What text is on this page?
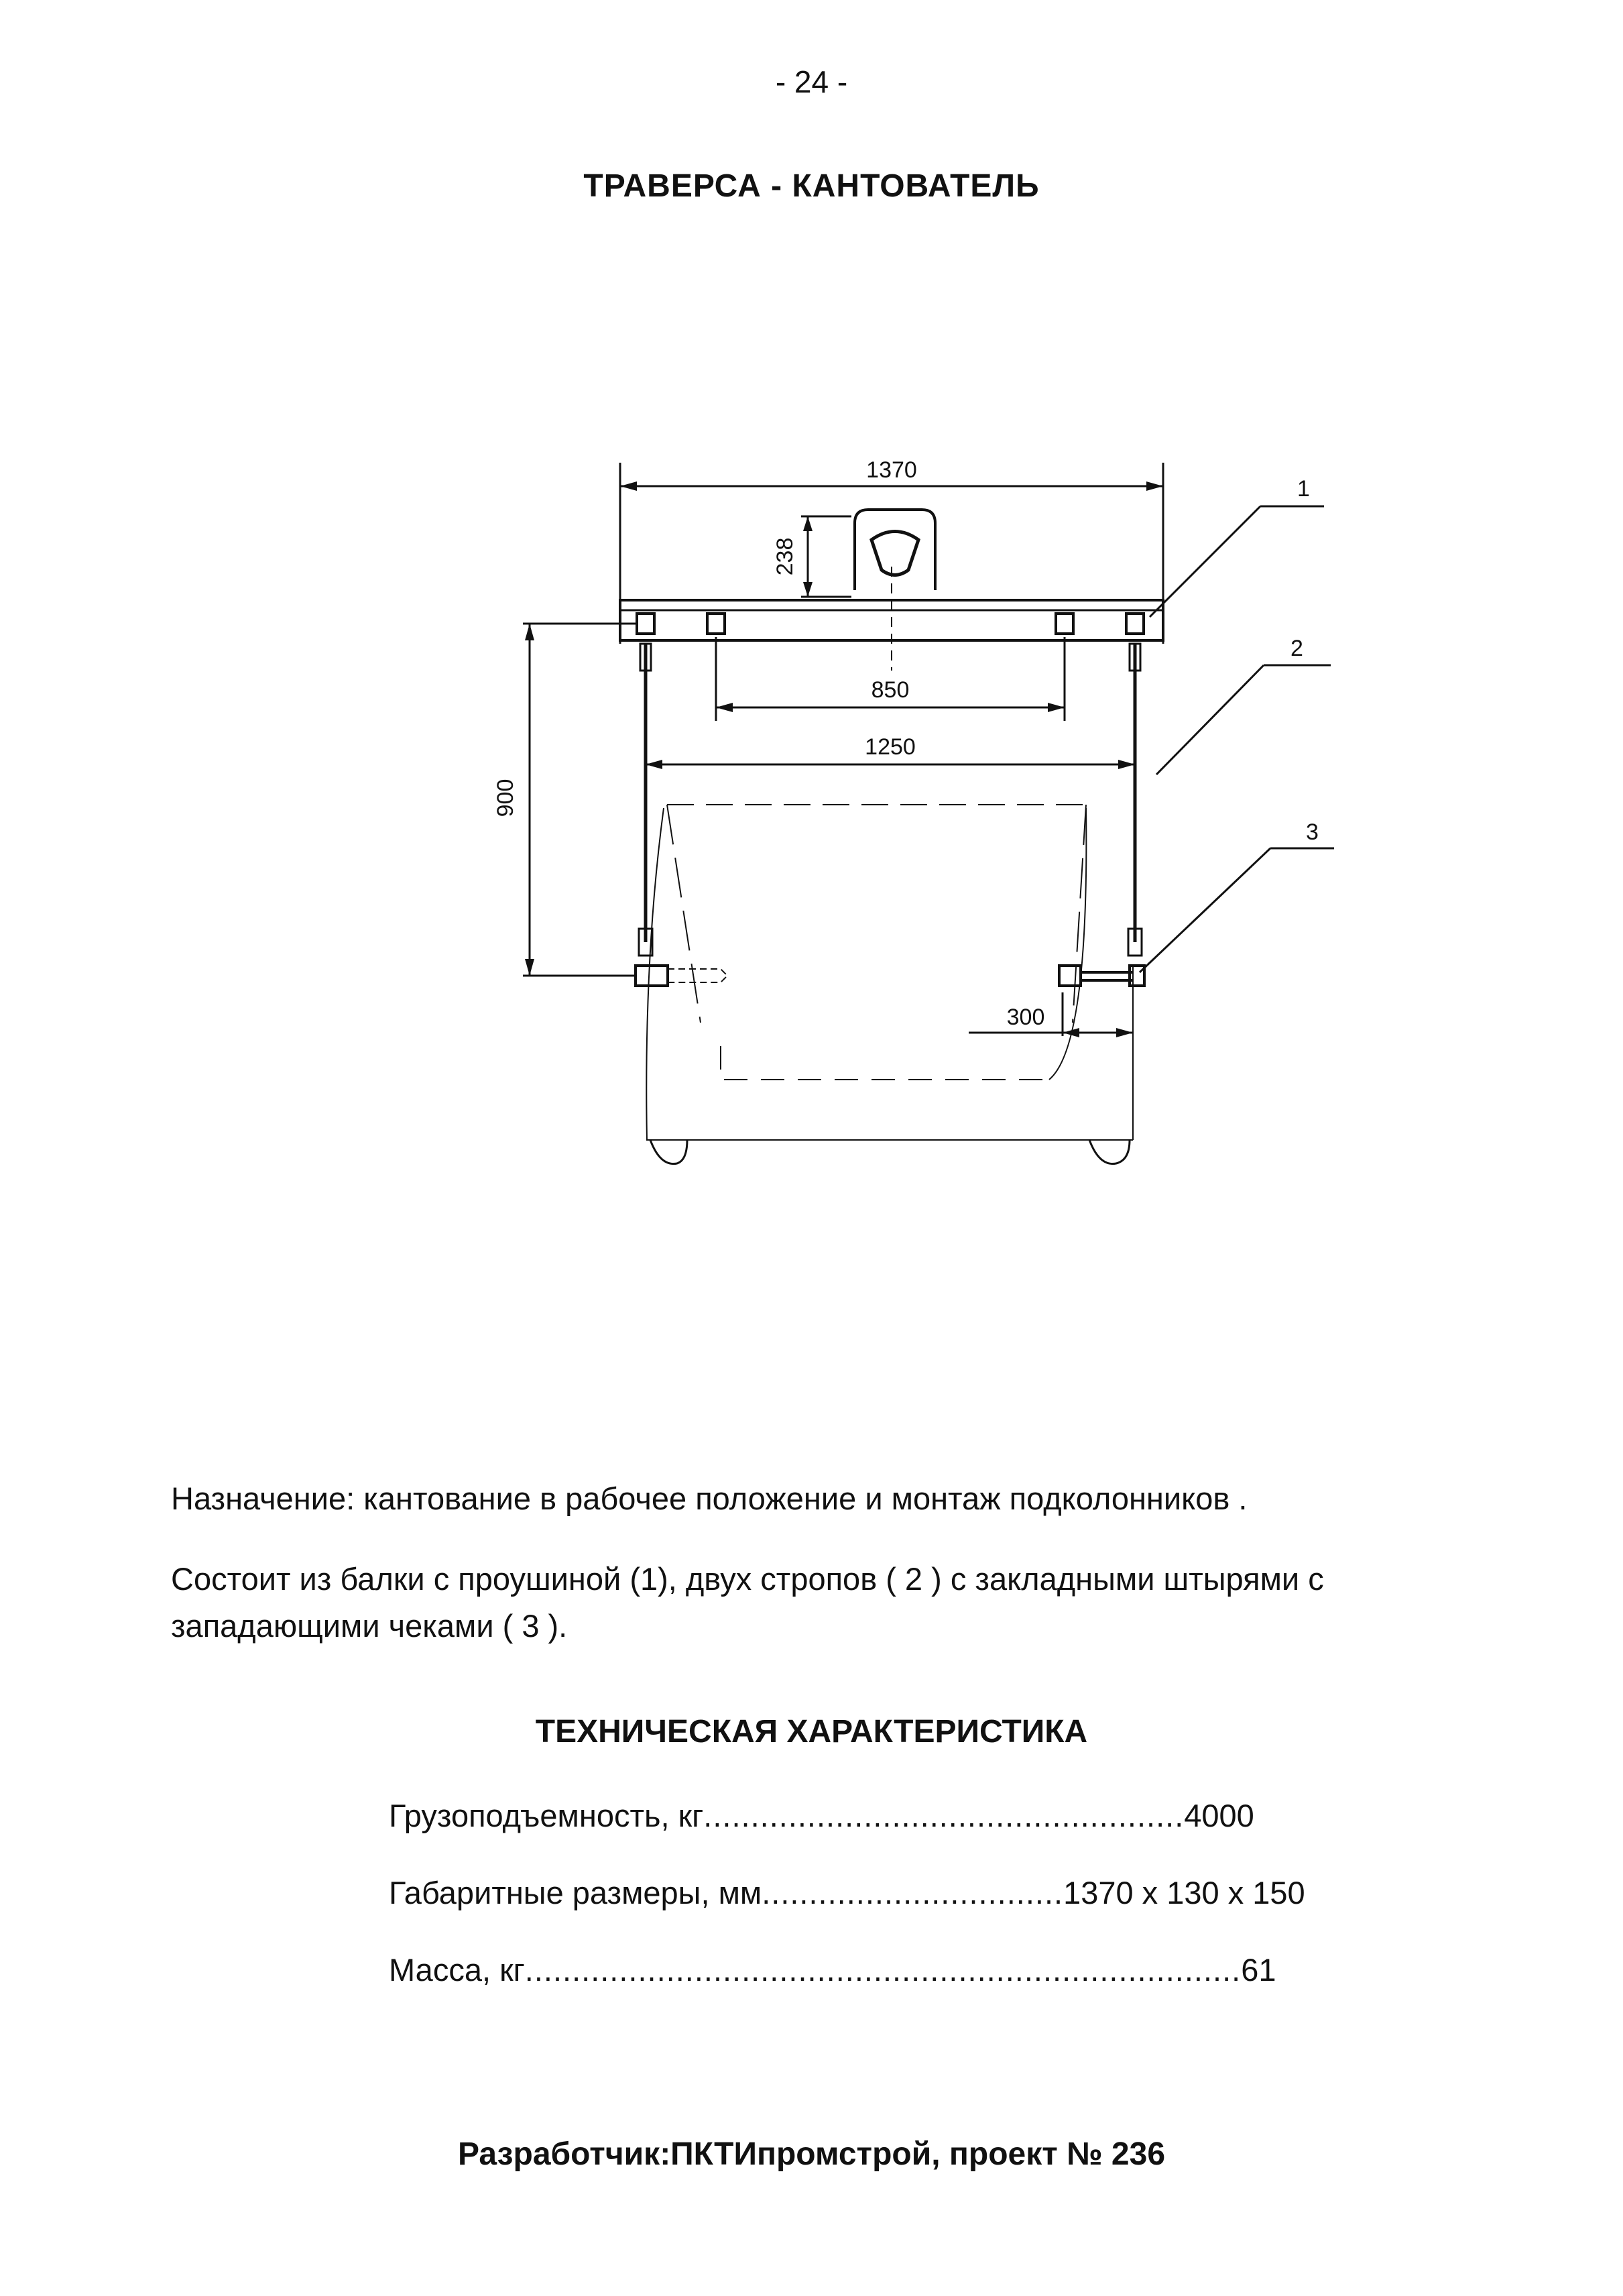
- 24 -
ТРАВЕРСА - КАНТОВАТЕЛЬ
1370
238
850
1250
900
300
1
2
3
Назначение: кантование в рабочее положение и монтаж подколонников .
Состоит из балки с проушиной (1), двух стропов ( 2 ) с закладными штырями с западающими чеками ( 3 ).
ТЕХНИЧЕСКАЯ ХАРАКТЕРИСТИКА
Грузоподъемность, кг...................................................4000
Габаритные размеры, мм................................1370 x 130 x 150
Масса, кг............................................................................61
Разработчик:ПКТИпромстрой, проект № 236
